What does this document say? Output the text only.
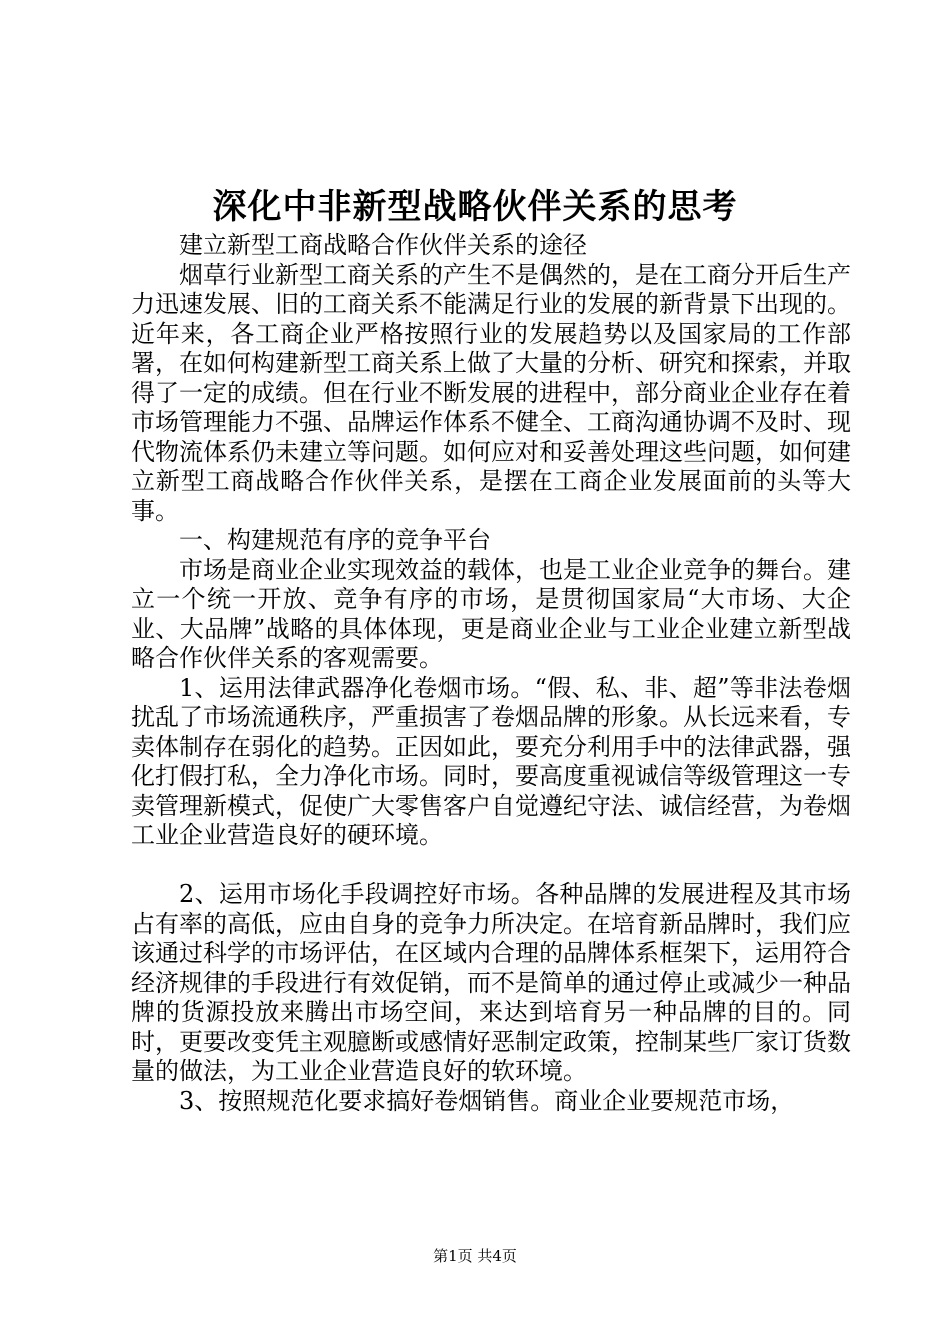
深化中非新型战略伙伴关系的思考

建立新型工商战略合作伙伴关系的途径

烟草行业新型工商关系的产生不是偶然的，是在工商分开后生产力迅速发展、旧的工商关系不能满足行业的发展的新背景下出现的。近年来，各工商企业严格按照行业的发展趋势以及国家局的工作部署，在如何构建新型工商关系上做了大量的分析、研究和探索，并取得了一定的成绩。但在行业不断发展的进程中，部分商业企业存在着市场管理能力不强、品牌运作体系不健全、工商沟通协调不及时、现代物流体系仍未建立等问题。如何应对和妥善处理这些问题，如何建立新型工商战略合作伙伴关系，是摆在工商企业发展面前的头等大事。

一、构建规范有序的竞争平台

市场是商业企业实现效益的载体，也是工业企业竞争的舞台。建立一个统一开放、竞争有序的市场，是贯彻国家局“大市场、大企业、大品牌”战略的具体体现，更是商业企业与工业企业建立新型战略合作伙伴关系的客观需要。

1、运用法律武器净化卷烟市场。“假、私、非、超”等非法卷烟扰乱了市场流通秩序，严重损害了卷烟品牌的形象。从长远来看，专卖体制存在弱化的趋势。正因如此，要充分利用手中的法律武器，强化打假打私，全力净化市场。同时，要高度重视诚信等级管理这一专卖管理新模式，促使广大零售客户自觉遵纪守法、诚信经营，为卷烟工业企业营造良好的硬环境。

2、运用市场化手段调控好市场。各种品牌的发展进程及其市场占有率的高低，应由自身的竞争力所决定。在培育新品牌时，我们应该通过科学的市场评估，在区域内合理的品牌体系框架下，运用符合经济规律的手段进行有效促销，而不是简单的通过停止或减少一种品牌的货源投放来腾出市场空间，来达到培育另一种品牌的目的。同时，更要改变凭主观臆断或感情好恶制定政策，控制某些厂家订货数量的做法，为工业企业营造良好的软环境。

3、按照规范化要求搞好卷烟销售。商业企业要规范市场，

第1页 共4页
